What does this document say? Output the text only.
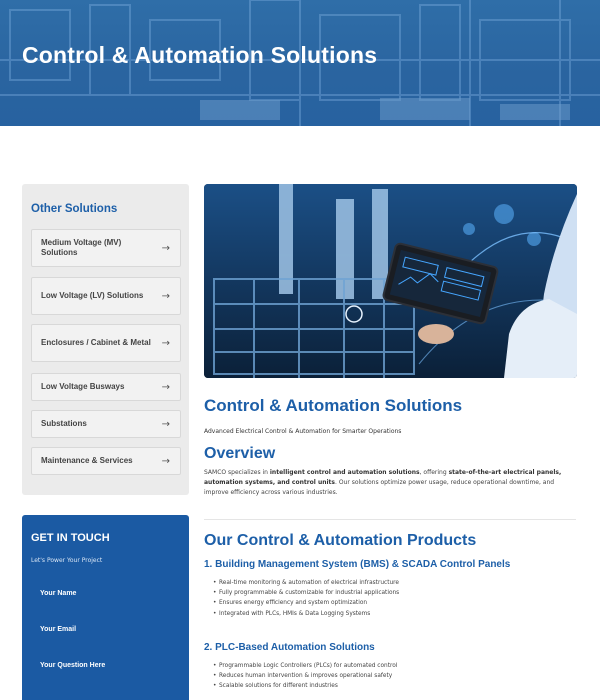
Control & Automation Solutions
Other Solutions
Medium Voltage (MV) Solutions	→
Low Voltage (LV) Solutions	→
Enclosures / Cabinet & Metal →
Low Voltage Busways	→
Substations	→
Maintenance & Services	→
GET IN TOUCH
Let's Power Your Project
Your Name
Your Email
Your Question Here
Control & Automation Solutions
Advanced Electrical Control & Automation for Smarter Operations
Overview
SAMCO specializes in intelligent control and automation solutions, offering state-of-the-art electrical panels, automation systems, and control units. Our solutions optimize power usage, reduce operational downtime, and improve efficiency across various industries.
Our Control & Automation Products
1. Building Management System (BMS) & SCADA Control Panels
• Real-time monitoring & automation of electrical infrastructure
• Fully programmable & customizable for industrial applications
• Ensures energy efficiency and system optimization
• Integrated with PLCs, HMIs & Data Logging Systems
2. PLC-Based Automation Solutions
• Programmable Logic Controllers (PLCs) for automated control
• Reduces human intervention & improves operational safety
• Scalable solutions for different industries
